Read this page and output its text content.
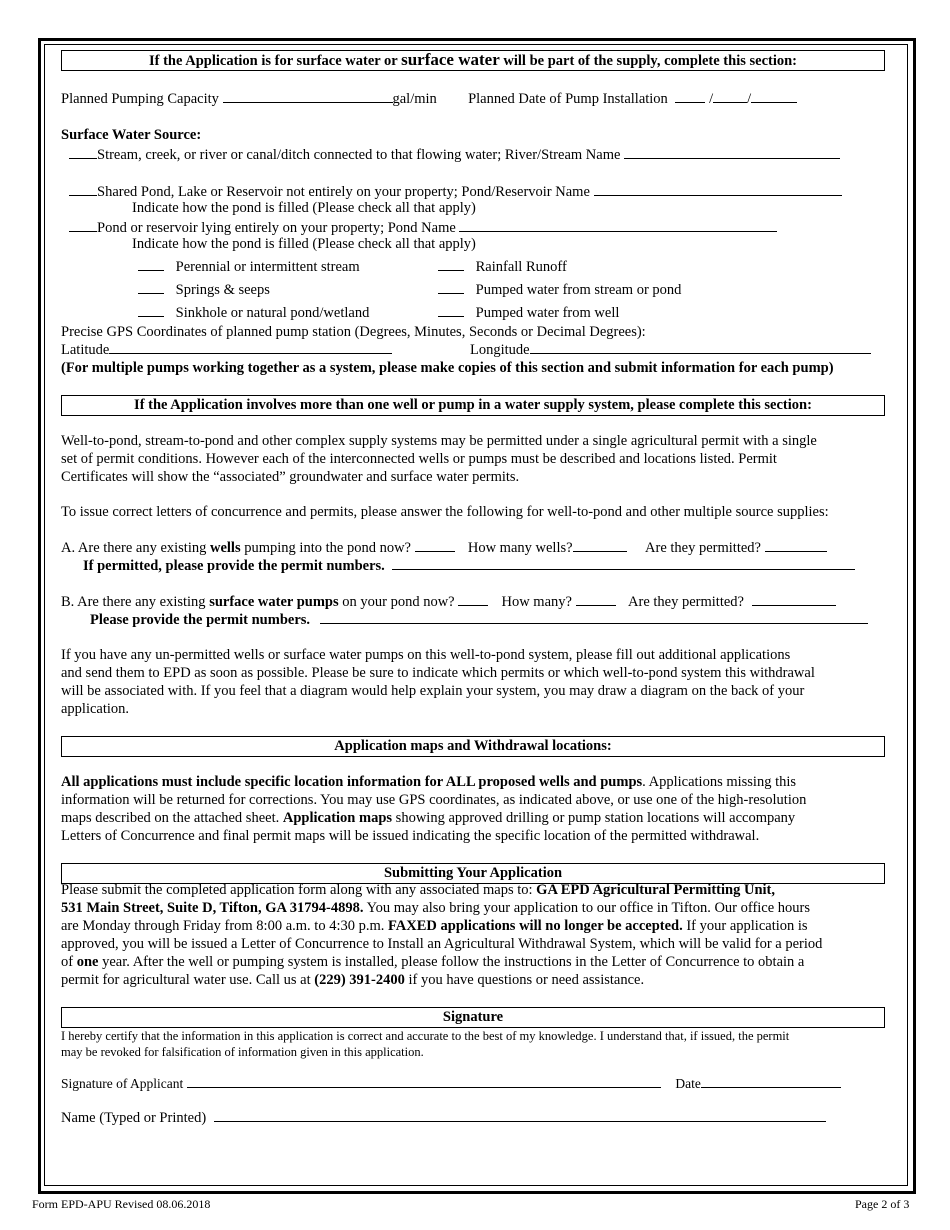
If the Application is for surface water or surface water will be part of the supply, complete this section:
Planned Pumping Capacity	gal/min Planned Date of Pump Installation	/ /
Surface Water Source:
Stream, creek, or river or canal/ditch connected to that flowing water; River/Stream Name
Shared Pond, Lake or Reservoir not entirely on your property; Pond/Reservoir Name
Indicate how the pond is filled (Please check all that apply)
Pond or reservoir lying entirely on your property; Pond Name
Indicate how the pond is filled (Please check all that apply)
Perennial or intermittent stream	Rainfall Runoff
Springs & seeps	Pumped water from stream or pond
Sinkhole or natural pond/wetland	Pumped water from well
Precise GPS Coordinates of planned pump station (Degrees, Minutes, Seconds or Decimal Degrees):
Latitude	Longitude
(For multiple pumps working together as a system, please make copies of this section and submit information for each pump)
If the Application involves more than one well or pump in a water supply system, please complete this section:
Well-to-pond, stream-to-pond and other complex supply systems may be permitted under a single agricultural permit with a single
set of permit conditions. However each of the interconnected wells or pumps must be described and locations listed. Permit
Certificates will show the “associated” groundwater and surface water permits.
To issue correct letters of concurrence and permits, please answer the following for well-to-pond and other multiple source supplies:
A. Are there any existing wells pumping into the pond now?	How many wells?	Are they permitted?
If permitted, please provide the permit numbers.
B. Are there any existing surface water pumps on your pond now?	How many?	Are they permitted?
Please provide the permit numbers.
If you have any un-permitted wells or surface water pumps on this well-to-pond system, please fill out additional applications
and send them to EPD as soon as possible. Please be sure to indicate which permits or which well-to-pond system this withdrawal
will be associated with. If you feel that a diagram would help explain your system, you may draw a diagram on the back of your
application.
Application maps and Withdrawal locations:
All applications must include specific location information for ALL proposed wells and pumps. Applications missing this
information will be returned for corrections. You may use GPS coordinates, as indicated above, or use one of the high-resolution
maps described on the attached sheet. Application maps showing approved drilling or pump station locations will accompany
Letters of Concurrence and final permit maps will be issued indicating the specific location of the permitted withdrawal.
Submitting Your Application
Please submit the completed application form along with any associated maps to: GA EPD Agricultural Permitting Unit,
531 Main Street, Suite D, Tifton, GA 31794-4898. You may also bring your application to our office in Tifton. Our office hours
are Monday through Friday from 8:00 a.m. to 4:30 p.m. FAXED applications will no longer be accepted. If your application is
approved, you will be issued a Letter of Concurrence to Install an Agricultural Withdrawal System, which will be valid for a period
of one year. After the well or pumping system is installed, please follow the instructions in the Letter of Concurrence to obtain a
permit for agricultural water use. Call us at (229) 391-2400 if you have questions or need assistance.
Signature
I hereby certify that the information in this application is correct and accurate to the best of my knowledge. I understand that, if issued, the permit
may be revoked for falsification of information given in this application.
Signature of Applicant	Date
Name (Typed or Printed)
Form EPD-APU Revised 08.06.2018	Page 2 of 3
